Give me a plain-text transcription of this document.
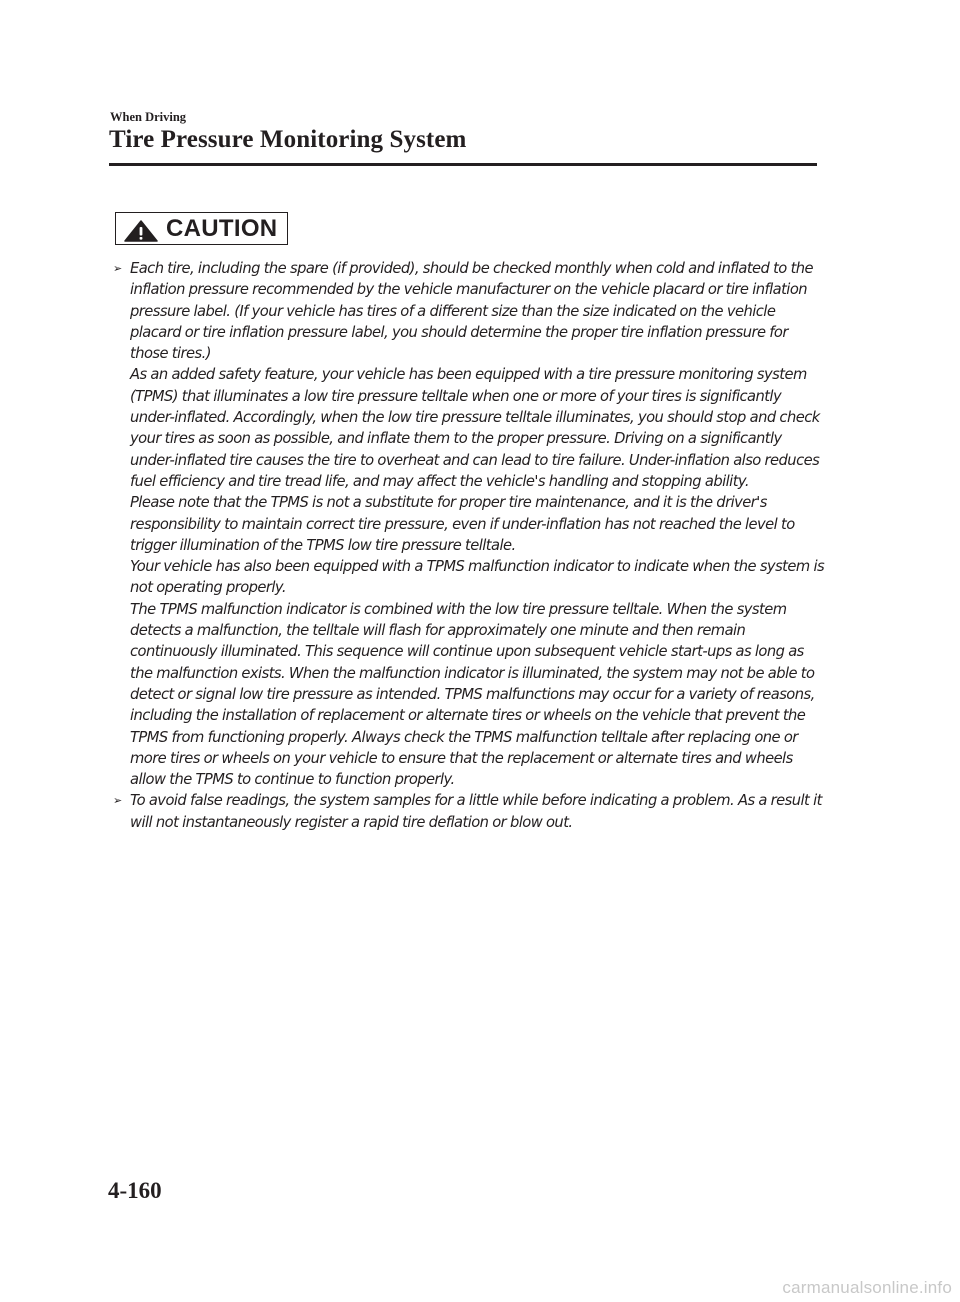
When Driving
Tire Pressure Monitoring System
CAUTION
➢ Each tire, including the spare (if provided), should be checked monthly when cold and inflated to the inflation pressure recommended by the vehicle manufacturer on the vehicle placard or tire inflation pressure label. (If your vehicle has tires of a different size than the size indicated on the vehicle placard or tire inflation pressure label, you should determine the proper tire inflation pressure for those tires.)

As an added safety feature, your vehicle has been equipped with a tire pressure monitoring system (TPMS) that illuminates a low tire pressure telltale when one or more of your tires is significantly under-inflated. Accordingly, when the low tire pressure telltale illuminates, you should stop and check your tires as soon as possible, and inflate them to the proper pressure. Driving on a significantly under-inflated tire causes the tire to overheat and can lead to tire failure. Under-inflation also reduces fuel efficiency and tire tread life, and may affect the vehicle's handling and stopping ability.

Please note that the TPMS is not a substitute for proper tire maintenance, and it is the driver's responsibility to maintain correct tire pressure, even if under-inflation has not reached the level to trigger illumination of the TPMS low tire pressure telltale.

Your vehicle has also been equipped with a TPMS malfunction indicator to indicate when the system is not operating properly.

The TPMS malfunction indicator is combined with the low tire pressure telltale. When the system detects a malfunction, the telltale will flash for approximately one minute and then remain continuously illuminated. This sequence will continue upon subsequent vehicle start-ups as long as the malfunction exists. When the malfunction indicator is illuminated, the system may not be able to detect or signal low tire pressure as intended. TPMS malfunctions may occur for a variety of reasons, including the installation of replacement or alternate tires or wheels on the vehicle that prevent the TPMS from functioning properly. Always check the TPMS malfunction telltale after replacing one or more tires or wheels on your vehicle to ensure that the replacement or alternate tires and wheels allow the TPMS to continue to function properly.

➢ To avoid false readings, the system samples for a little while before indicating a problem. As a result it will not instantaneously register a rapid tire deflation or blow out.

4-160
carmanualsonline.info
